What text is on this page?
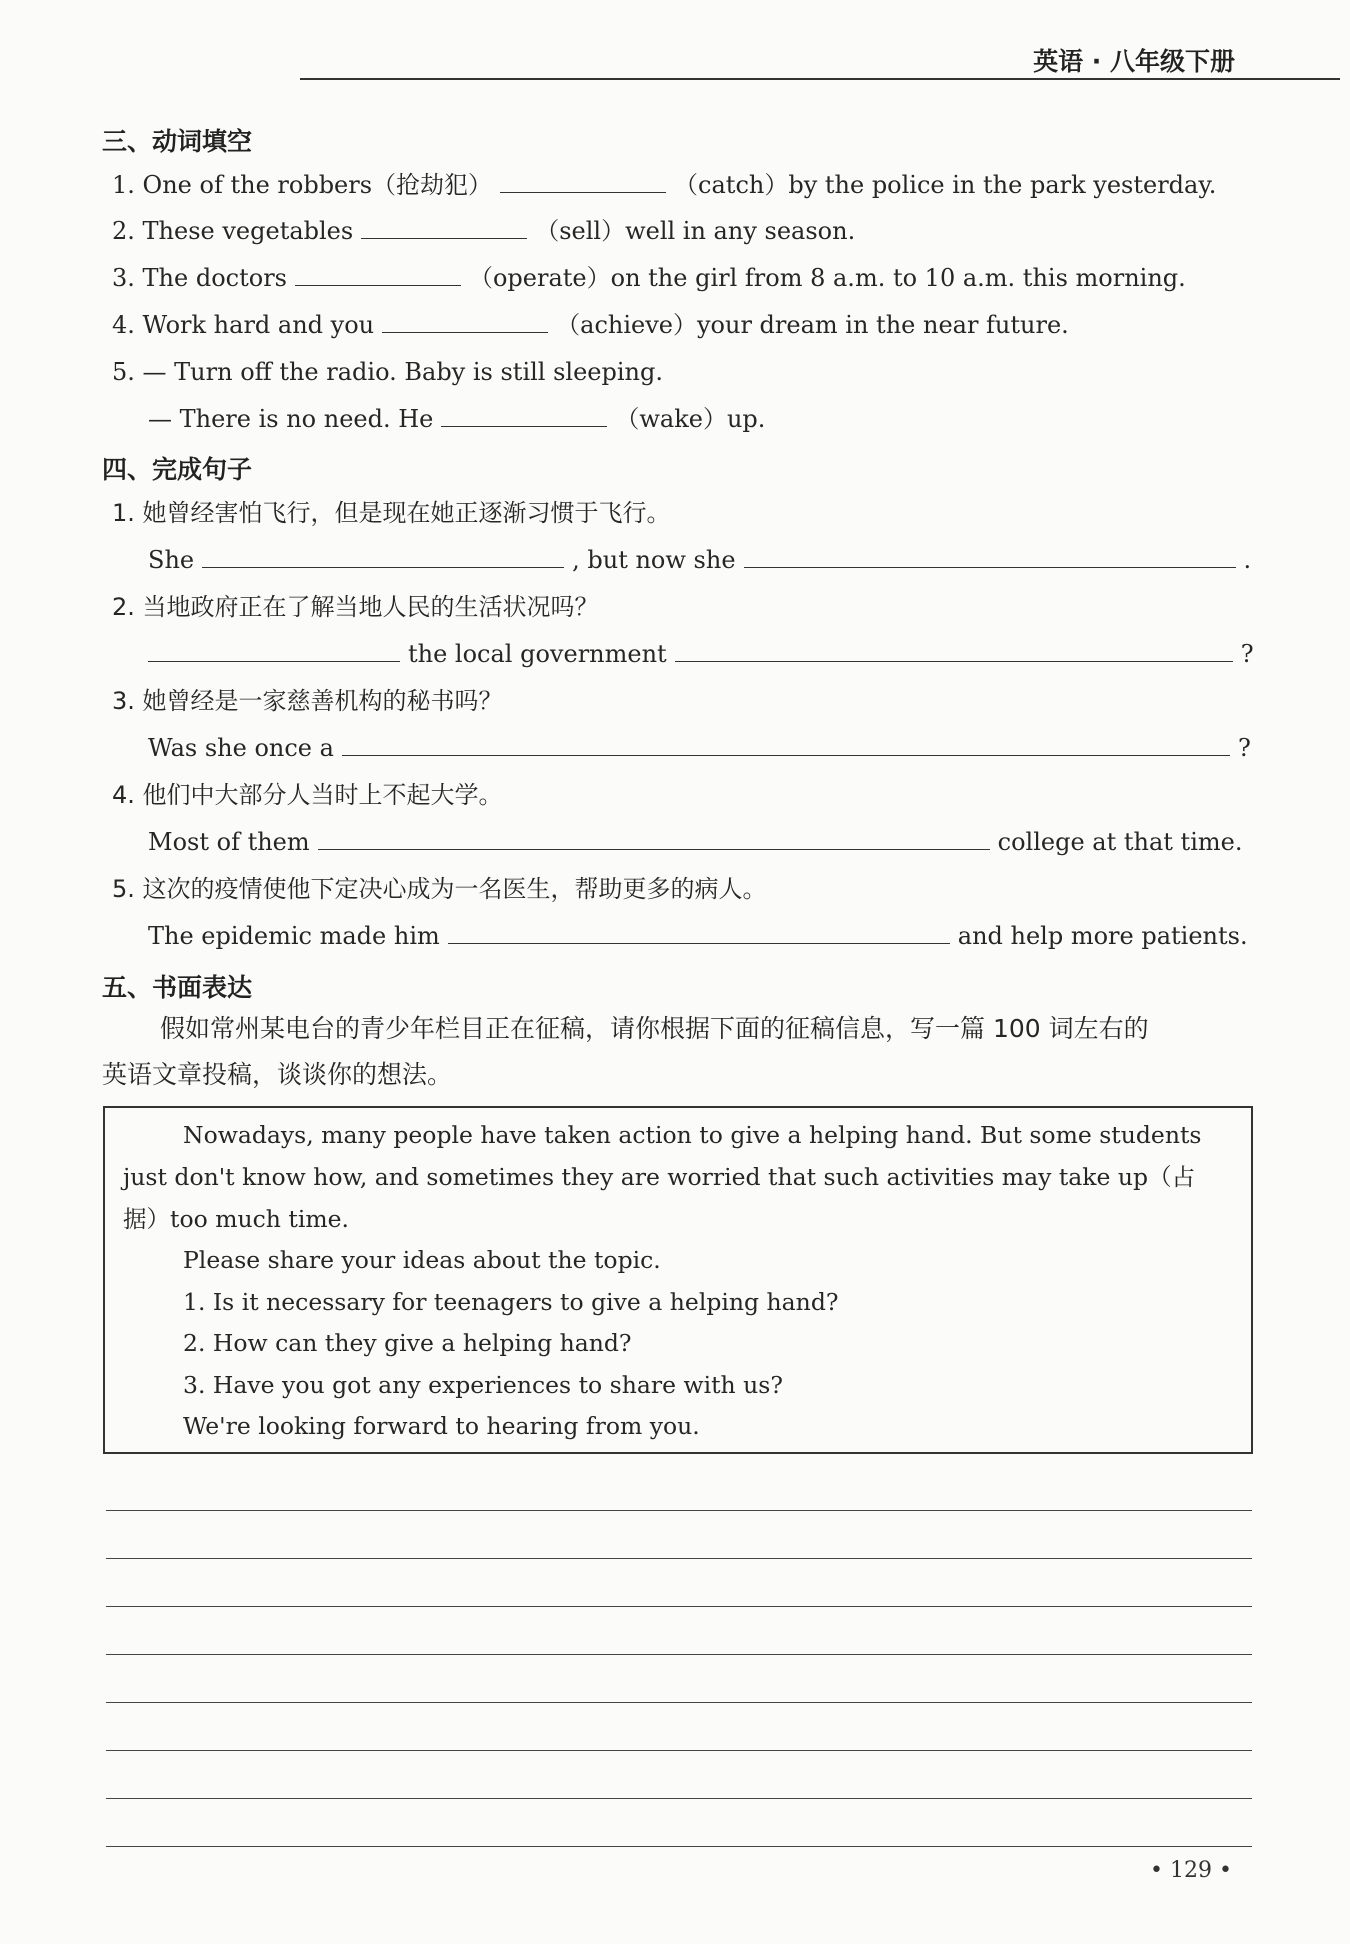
英语 · 八年级下册
三、动词填空
1. One of the robbers（抢劫犯）	（catch）by the police in the park yesterday.
2. These vegetables	（sell）well in any season.
3. The doctors	（operate）on the girl from 8 a.m. to 10 a.m. this morning.
4. Work hard and you	（achieve）your dream in the near future.
5. — Turn off the radio. Baby is still sleeping.
— There is no need. He	（wake）up.
四、完成句子
1. 她曾经害怕飞行，但是现在她正逐渐习惯于飞行。
She	, but now she	.
2. 当地政府正在了解当地人民的生活状况吗？
the local government	?
3. 她曾经是一家慈善机构的秘书吗？
Was she once a	?
4. 他们中大部分人当时上不起大学。
Most of them	college at that time.
5. 这次的疫情使他下定决心成为一名医生，帮助更多的病人。
The epidemic made him	and help more patients.
五、书面表达
假如常州某电台的青少年栏目正在征稿，请你根据下面的征稿信息，写一篇 100 词左右的
英语文章投稿，谈谈你的想法。
Nowadays, many people have taken action to give a helping hand. But some students
just don't know how, and sometimes they are worried that such activities may take up（占
据）too much time.
Please share your ideas about the topic.
1. Is it necessary for teenagers to give a helping hand?
2. How can they give a helping hand?
3. Have you got any experiences to share with us?
We're looking forward to hearing from you.
• 129 •
